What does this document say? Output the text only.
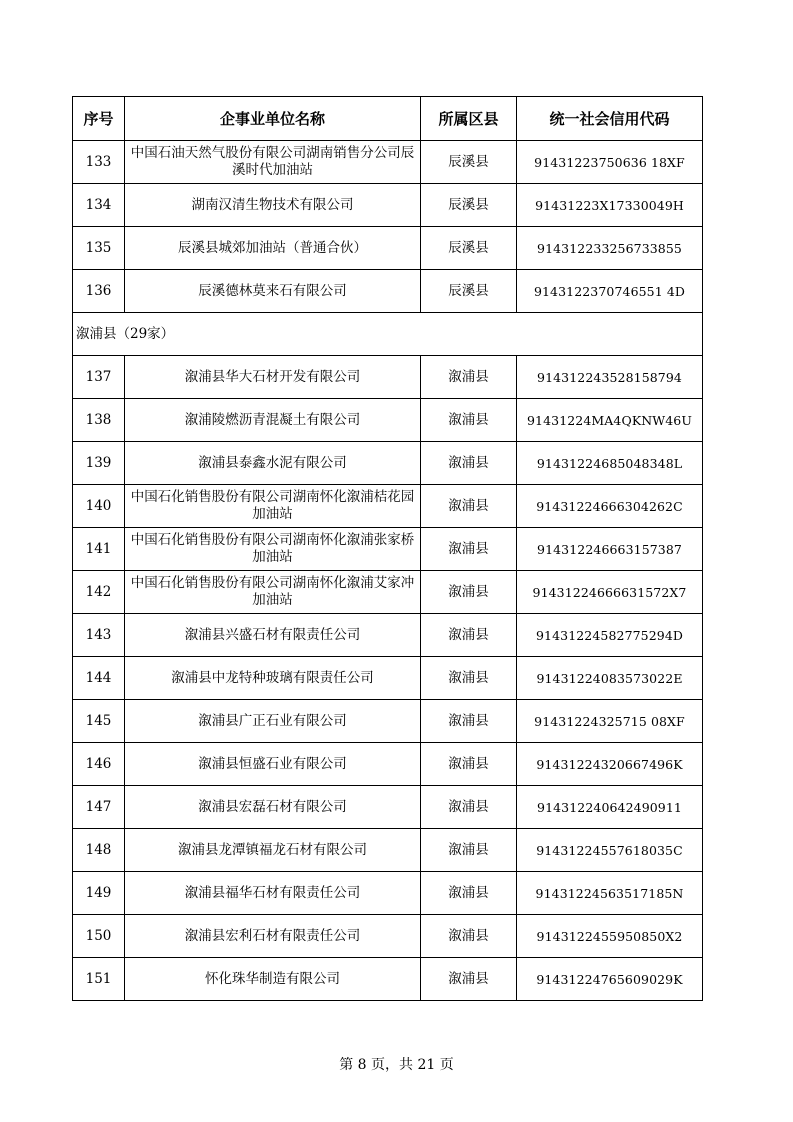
序号	企事业单位名称	所属区县	统一社会信用代码
133	中国石油天然气股份有限公司湖南销售分公司辰溪时代加油站	辰溪县	91431223750636 18XF
134	湖南汉清生物技术有限公司	辰溪县	91431223X17330049H
135	辰溪县城郊加油站（普通合伙）	辰溪县	914312233256733855
136	辰溪德林莫来石有限公司	辰溪县	9143122370746551 4D
溆浦县（29家）			
137	溆浦县华大石材开发有限公司	溆浦县	914312243528158794
138	溆浦陵燃沥青混凝土有限公司	溆浦县	91431224MA4QKNW46U
139	溆浦县泰鑫水泥有限公司	溆浦县	91431224685048348L
140	中国石化销售股份有限公司湖南怀化溆浦桔花园加油站	溆浦县	91431224666304262C
141	中国石化销售股份有限公司湖南怀化溆浦张家桥加油站	溆浦县	914312246663157387
142	中国石化销售股份有限公司湖南怀化溆浦艾家冲加油站	溆浦县	91431224666631572X7
143	溆浦县兴盛石材有限责任公司	溆浦县	91431224582775294D
144	溆浦县中龙特种玻璃有限责任公司	溆浦县	91431224083573022E
145	溆浦县广正石业有限公司	溆浦县	91431224325715 08XF
146	溆浦县恒盛石业有限公司	溆浦县	91431224320667496K
147	溆浦县宏磊石材有限公司	溆浦县	914312240642490911
148	溆浦县龙潭镇福龙石材有限公司	溆浦县	91431224557618035C
149	溆浦县福华石材有限责任公司	溆浦县	91431224563517185N
150	溆浦县宏利石材有限责任公司	溆浦县	9143122455950850X2
151	怀化珠华制造有限公司	溆浦县	91431224765609029K
第 8 页，共 21 页
